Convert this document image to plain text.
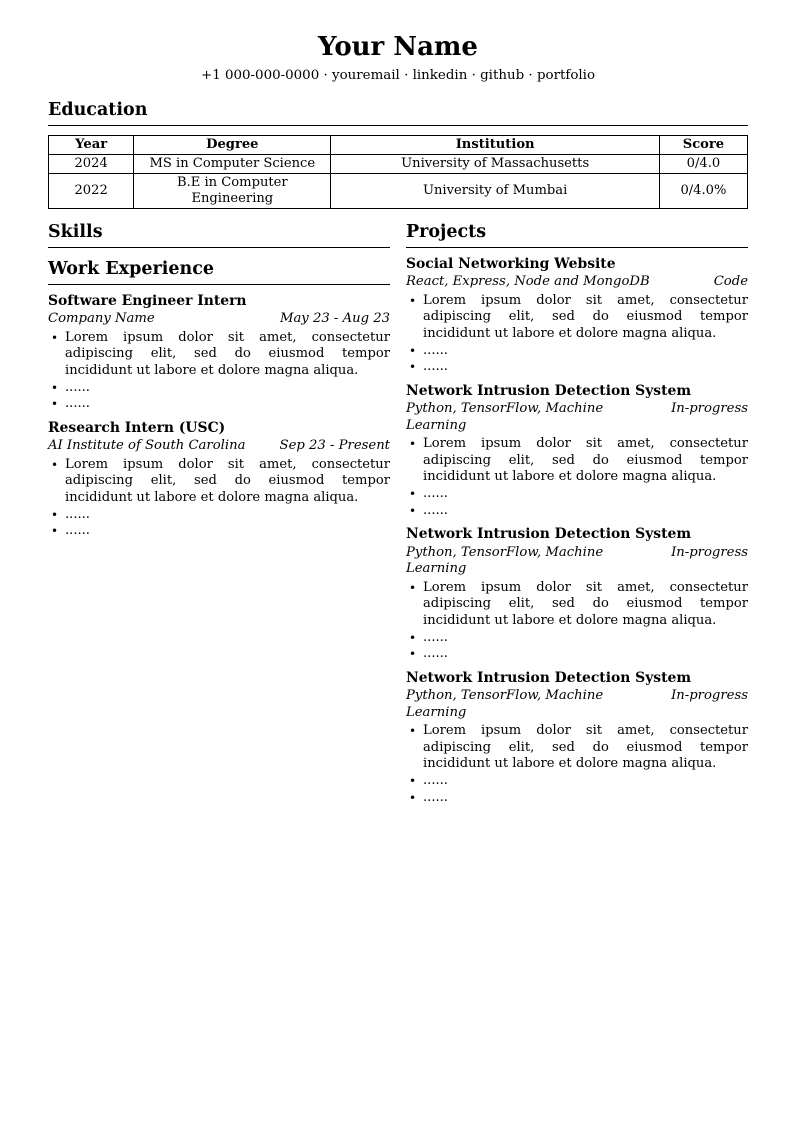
Your Name
+1 000-000-0000 · youremail · linkedin · github · portfolio
Education
Year	Degree	Institution	Score
2024	MS in Computer Science	University of Massachusetts	0/4.0
2022	B.E in Computer Engineering	University of Mumbai	0/4.0%
Skills
Work Experience
Software Engineer Intern
Company Name	May 23 - Aug 23
• Lorem ipsum dolor sit amet, consectetur adipiscing elit, sed do eiusmod tempor incididunt ut labore et dolore magna aliqua.
• ......
• ......
Research Intern (USC)
AI Institute of South Carolina	Sep 23 - Present
• Lorem ipsum dolor sit amet, consectetur adipiscing elit, sed do eiusmod tempor incididunt ut labore et dolore magna aliqua.
• ......
• ......
Projects
Social Networking Website
React, Express, Node and MongoDB	Code
• Lorem ipsum dolor sit amet, consectetur adipiscing elit, sed do eiusmod tempor incididunt ut labore et dolore magna aliqua.
• ......
• ......
Network Intrusion Detection System
Python, TensorFlow, Machine Learning
In-progress
• Lorem ipsum dolor sit amet, consectetur adipiscing elit, sed do eiusmod tempor incididunt ut labore et dolore magna aliqua.
• ......
• ......
Network Intrusion Detection System
Python, TensorFlow, Machine Learning
In-progress
• Lorem ipsum dolor sit amet, consectetur adipiscing elit, sed do eiusmod tempor incididunt ut labore et dolore magna aliqua.
• ......
• ......
Network Intrusion Detection System
Python, TensorFlow, Machine Learning
In-progress
• Lorem ipsum dolor sit amet, consectetur adipiscing elit, sed do eiusmod tempor incididunt ut labore et dolore magna aliqua.
• ......
• ......
